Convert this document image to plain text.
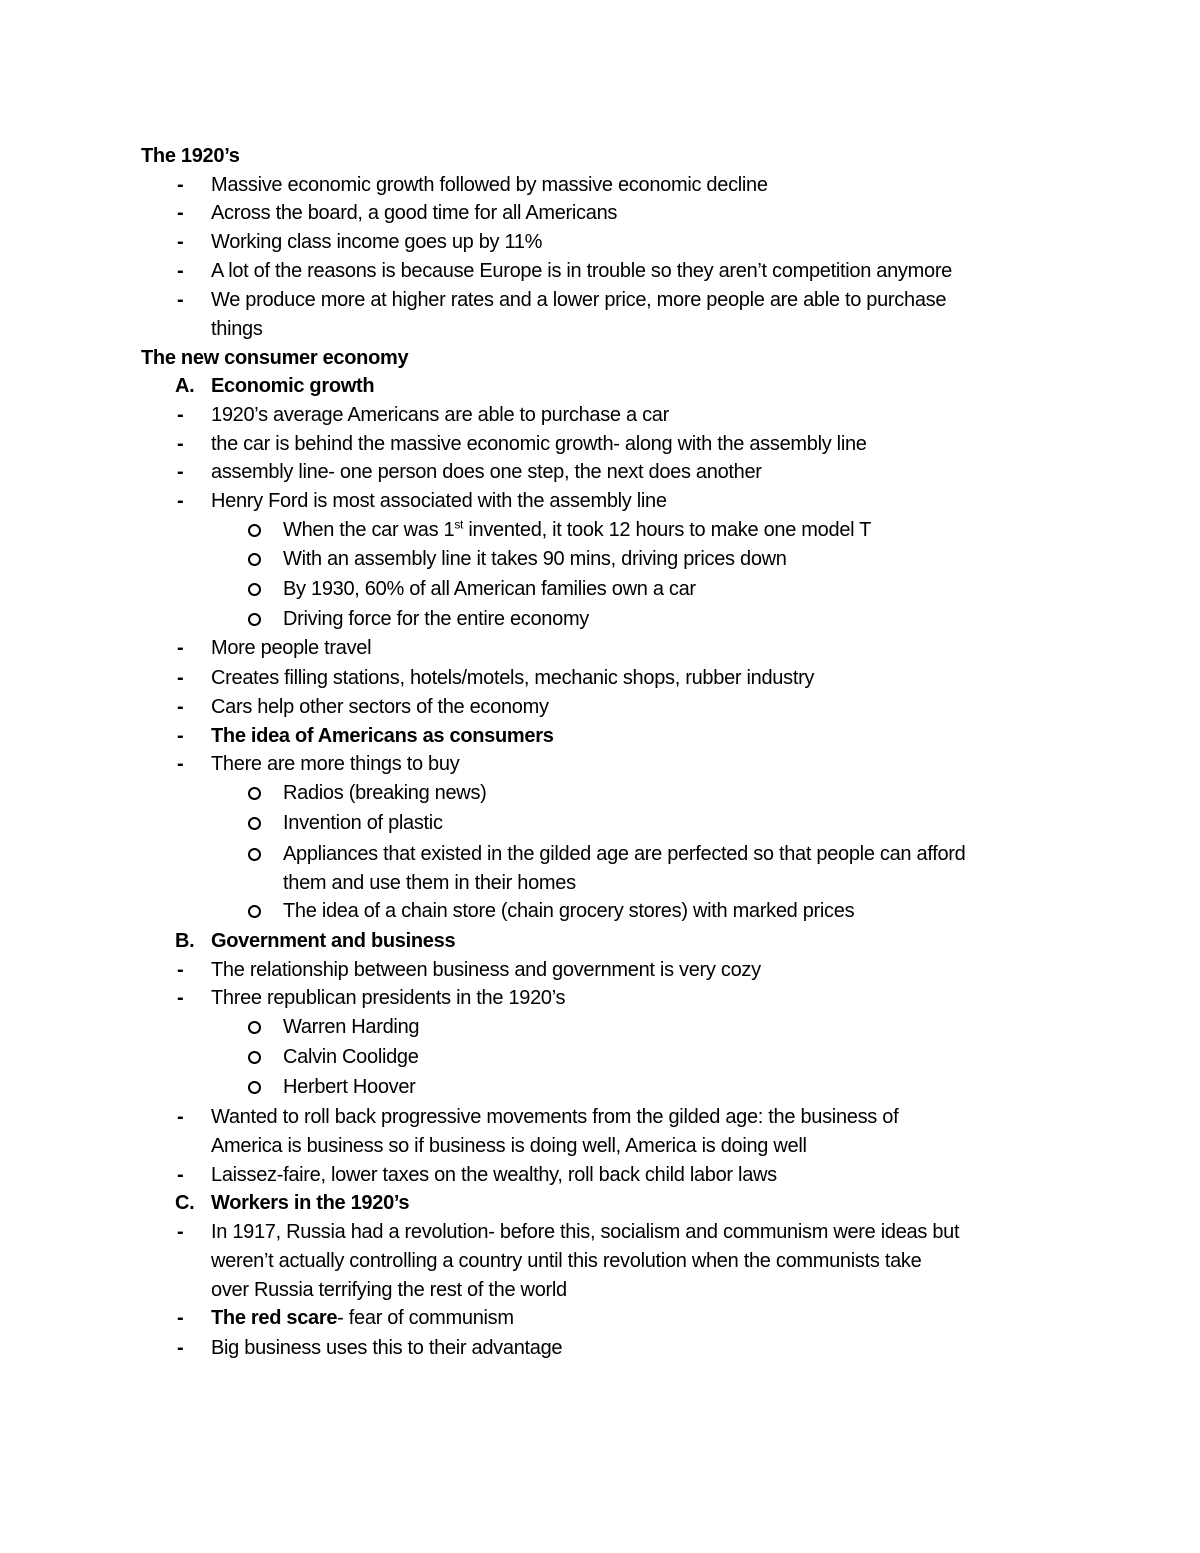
The 1920’s
- Massive economic growth followed by massive economic decline
- Across the board, a good time for all Americans
- Working class income goes up by 11%
- A lot of the reasons is because Europe is in trouble so they aren’t competition anymore
- We produce more at higher rates and a lower price, more people are able to purchase
things
The new consumer economy
A. Economic growth
- 1920’s average Americans are able to purchase a car
- the car is behind the massive economic growth- along with the assembly line
- assembly line- one person does one step, the next does another
- Henry Ford is most associated with the assembly line
When the car was 1st invented, it took 12 hours to make one model T
With an assembly line it takes 90 mins, driving prices down
By 1930, 60% of all American families own a car
Driving force for the entire economy
- More people travel
- Creates filling stations, hotels/motels, mechanic shops, rubber industry
- Cars help other sectors of the economy
- The idea of Americans as consumers
- There are more things to buy
Radios (breaking news)
Invention of plastic
Appliances that existed in the gilded age are perfected so that people can afford
them and use them in their homes
The idea of a chain store (chain grocery stores) with marked prices
B. Government and business
- The relationship between business and government is very cozy
- Three republican presidents in the 1920’s
Warren Harding
Calvin Coolidge
Herbert Hoover
- Wanted to roll back progressive movements from the gilded age: the business of
America is business so if business is doing well, America is doing well
- Laissez-faire, lower taxes on the wealthy, roll back child labor laws
C. Workers in the 1920’s
- In 1917, Russia had a revolution- before this, socialism and communism were ideas but
weren’t actually controlling a country until this revolution when the communists take
over Russia terrifying the rest of the world
- The red scare- fear of communism
- Big business uses this to their advantage
